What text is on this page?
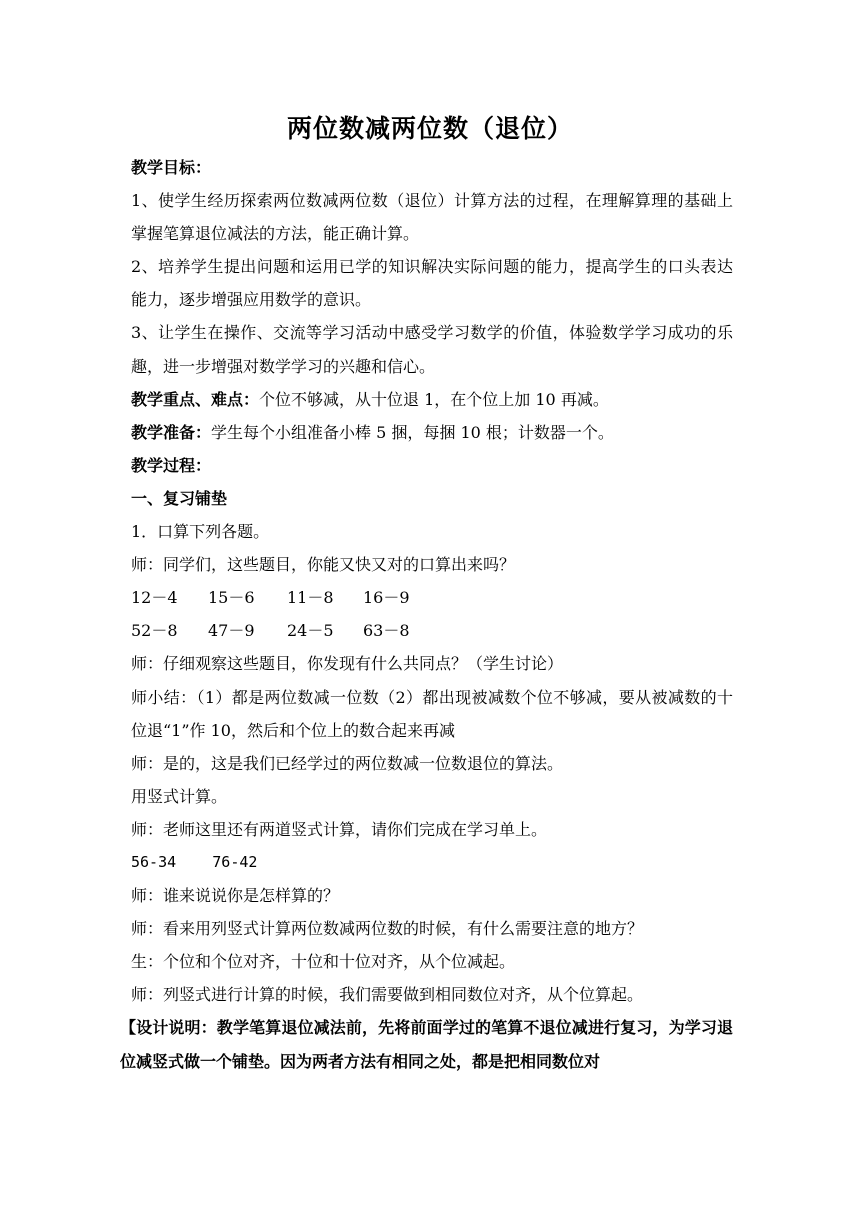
两位数减两位数（退位）

教学目标：

1、使学生经历探索两位数减两位数（退位）计算方法的过程，在理解算理的基础上掌握笔算退位减法的方法，能正确计算。

2、培养学生提出问题和运用已学的知识解决实际问题的能力，提高学生的口头表达能力，逐步增强应用数学的意识。

3、让学生在操作、交流等学习活动中感受学习数学的价值，体验数学学习成功的乐趣，进一步增强对数学学习的兴趣和信心。

教学重点、难点：个位不够减，从十位退 1，在个位上加 10 再减。

教学准备：学生每个小组准备小棒 5 捆，每捆 10 根；计数器一个。

教学过程：

一、复习铺垫

1．口算下列各题。

师：同学们，这些题目，你能又快又对的口算出来吗？

12－4 15－6 11－8 16－9

52－8 47－9 24－5 63－8

师：仔细观察这些题目，你发现有什么共同点？（学生讨论）

师小结：（1）都是两位数减一位数（2）都出现被减数个位不够减，要从被减数的十位退“1”作 10，然后和个位上的数合起来再减

师：是的，这是我们已经学过的两位数减一位数退位的算法。

用竖式计算。

师：老师这里还有两道竖式计算，请你们完成在学习单上。

56-34    76-42

师：谁来说说你是怎样算的？

师：看来用列竖式计算两位数减两位数的时候，有什么需要注意的地方？

生：个位和个位对齐，十位和十位对齐，从个位减起。

师：列竖式进行计算的时候，我们需要做到相同数位对齐，从个位算起。

【设计说明：教学笔算退位减法前，先将前面学过的笔算不退位减进行复习，为学习退位减竖式做一个铺垫。因为两者方法有相同之处，都是把相同数位对
